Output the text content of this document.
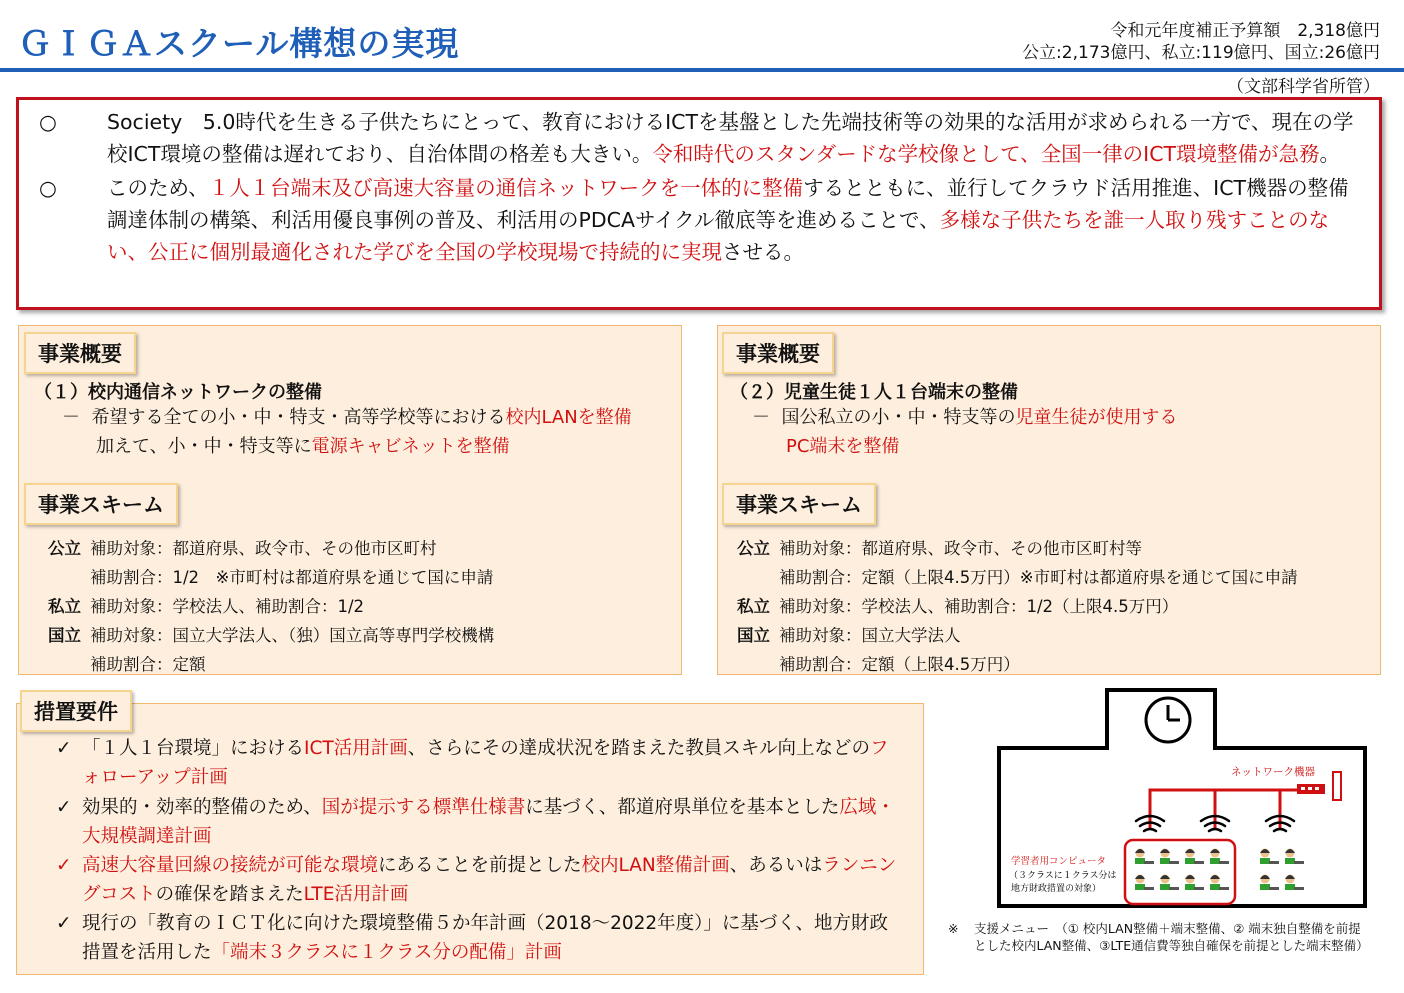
ＧＩＧＡスクール構想の実現	令和元年度補正予算額　2,318億円
公立:2,173億円、私立:119億円、国立:26億円
（文部科学省所管）
○ Society　5.0時代を生きる子供たちにとって、教育におけるICTを基盤とした先端技術等の効果的な活用が求められる一方で、現在の学校ICT環境の整備は遅れており、自治体間の格差も大きい。令和時代のスタンダードな学校像として、全国一律のICT環境整備が急務。
○ このため、１人１台端末及び高速大容量の通信ネットワークを一体的に整備するとともに、並行してクラウド活用推進、ICT機器の整備調達体制の構築、利活用優良事例の普及、利活用のPDCAサイクル徹底等を進めることで、多様な子供たちを誰一人取り残すことのない、公正に個別最適化された学びを全国の学校現場で持続的に実現させる。
事業概要
（１）校内通信ネットワークの整備
－ 希望する全ての小・中・特支・高等学校等における校内LANを整備
加えて、小・中・特支等に電源キャビネットを整備
事業スキーム
公立 補助対象：都道府県、政令市、その他市区町村
補助割合：1/2　※市町村は都道府県を通じて国に申請
私立 補助対象：学校法人、補助割合：1/2
国立 補助対象：国立大学法人、（独）国立高等専門学校機構
補助割合：定額
事業概要
（２）児童生徒１人１台端末の整備
－ 国公私立の小・中・特支等の児童生徒が使用する
PC端末を整備
事業スキーム
公立 補助対象：都道府県、政令市、その他市区町村等
補助割合：定額（上限4.5万円）※市町村は都道府県を通じて国に申請
私立 補助対象：学校法人、補助割合：1/2（上限4.5万円）
国立 補助対象：国立大学法人
補助割合：定額（上限4.5万円）
措置要件
✓ 「１人１台環境」におけるICT活用計画、さらにその達成状況を踏まえた教員スキル向上などのフォローアップ計画
✓ 効果的・効率的整備のため、国が提示する標準仕様書に基づく、都道府県単位を基本とした広域・大規模調達計画
✓ 高速大容量回線の接続が可能な環境にあることを前提とした校内LAN整備計画、あるいはランニングコストの確保を踏まえたLTE活用計画
✓ 現行の「教育のＩＣＴ化に向けた環境整備５か年計画（2018～2022年度）」に基づく、地方財政措置を活用した「端末３クラスに１クラス分の配備」計画
ネットワーク機器
学習者用コンピュータ
（３クラスに１クラス分は
地方財政措置の対象）
※	支援メニュー　（① 校内LAN整備＋端末整備、② 端末独自整備を前提とした校内LAN整備、③LTE通信費等独自確保を前提とした端末整備）
